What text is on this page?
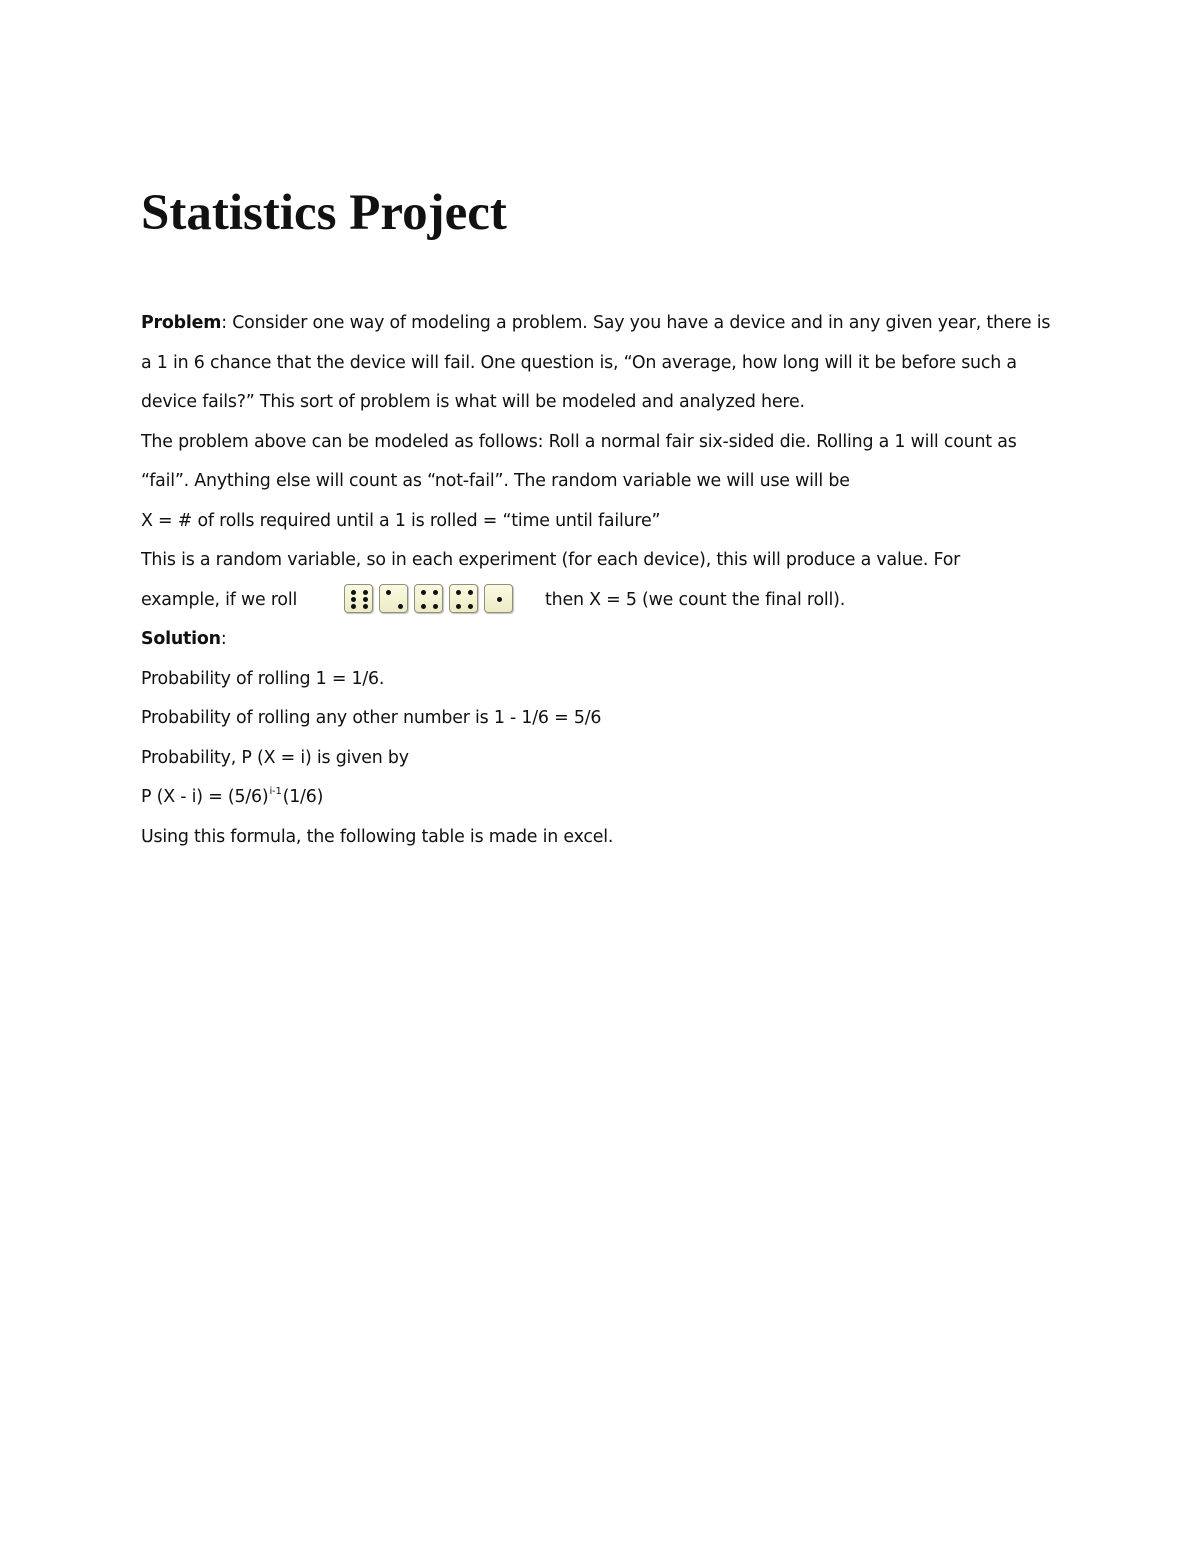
Statistics Project
Problem: Consider one way of modeling a problem. Say you have a device and in any given year, there is
a 1 in 6 chance that the device will fail. One question is, “On average, how long will it be before such a
device fails?” This sort of problem is what will be modeled and analyzed here.
The problem above can be modeled as follows: Roll a normal fair six-sided die. Rolling a 1 will count as
“fail”. Anything else will count as “not-fail”. The random variable we will use will be
X = # of rolls required until a 1 is rolled = “time until failure”
This is a random variable, so in each experiment (for each device), this will produce a value. For
example, if we roll	then X = 5 (we count the final roll).
Solution:
Probability of rolling 1 = 1/6.
Probability of rolling any other number is 1 - 1/6 = 5/6
Probability, P (X = i) is given by
P $(X - i) = (5/6)^{i-1}(1/6)$
Using this formula, the following table is made in excel.
